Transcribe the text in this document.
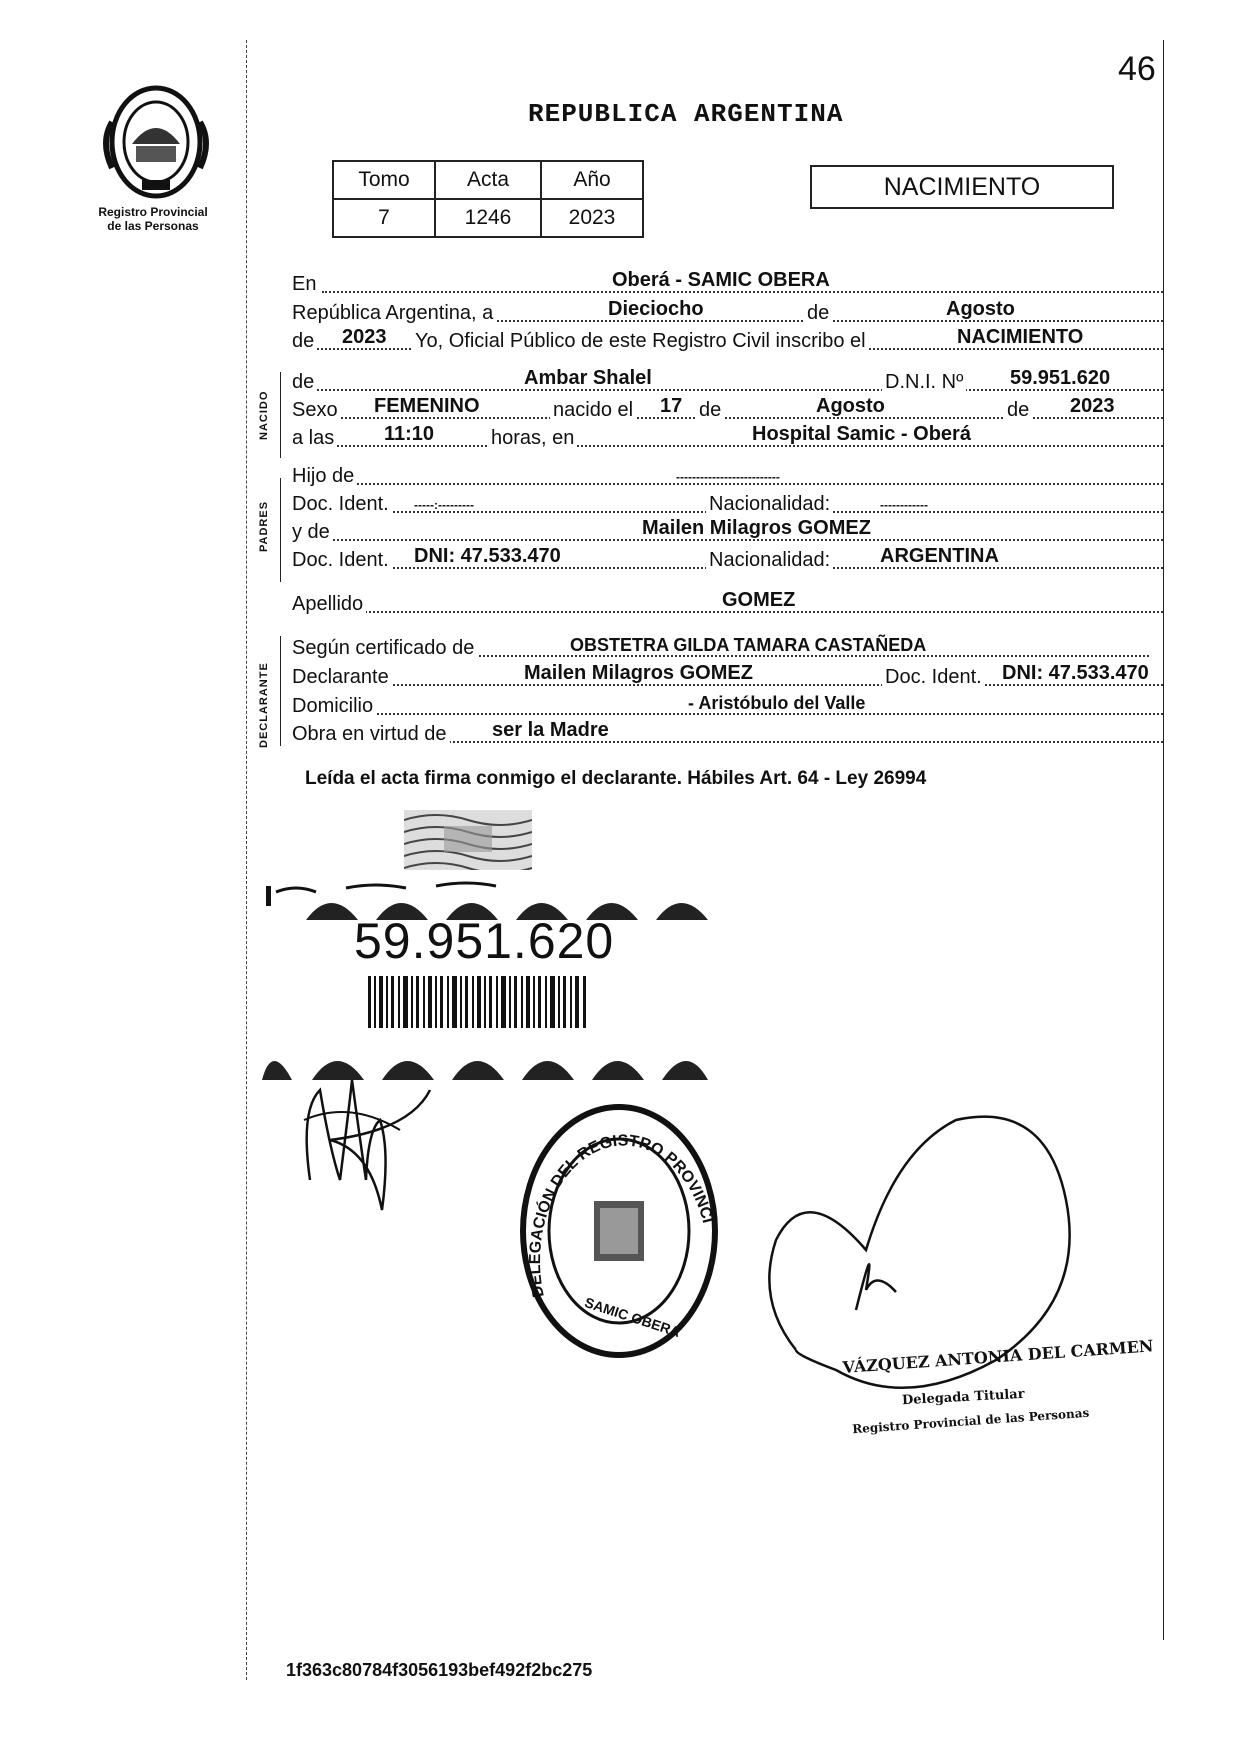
46
REPUBLICA ARGENTINA
Registro Provincial
de las Personas
Tomo	Acta	Año
7	1246	2023
NACIMIENTO
NACIDO
PADRES
DECLARANTE
En	Oberá - SAMIC OBERA
República Argentina, a	Dieciocho	de	Agosto
de 2023 Yo, Oficial Público de este Registro Civil inscribo el	NACIMIENTO
de	Ambar Shalel	D.N.I. Nº 59.951.620
Sexo FEMENINO	nacido el 17 de	Agosto	de 2023
a las 11:10	horas, en	Hospital Samic - Oberá
Hijo de	--------------------------
Doc. Ident. -----:---------	Nacionalidad:	------------
y de	Mailen Milagros GOMEZ
Doc. Ident. DNI: 47.533.470	Nacionalidad: ARGENTINA
Apellido	GOMEZ
Según certificado de	OBSTETRA GILDA TAMARA CASTAÑEDA
Declarante	Mailen Milagros GOMEZ	Doc. Ident. DNI: 47.533.470
Domicilio	- Aristóbulo del Valle
Obra en virtud de ser la Madre
Leída el acta firma conmigo el declarante. Hábiles Art. 64 - Ley 26994
59.951.620
DELEGACIÓN DEL REGISTRO PROVINCI
SAMIC OBERA
VÁZQUEZ ANTONIA DEL CARMEN
Delegada Titular
Registro Provincial de las Personas
1f363c80784f3056193bef492f2bc275
